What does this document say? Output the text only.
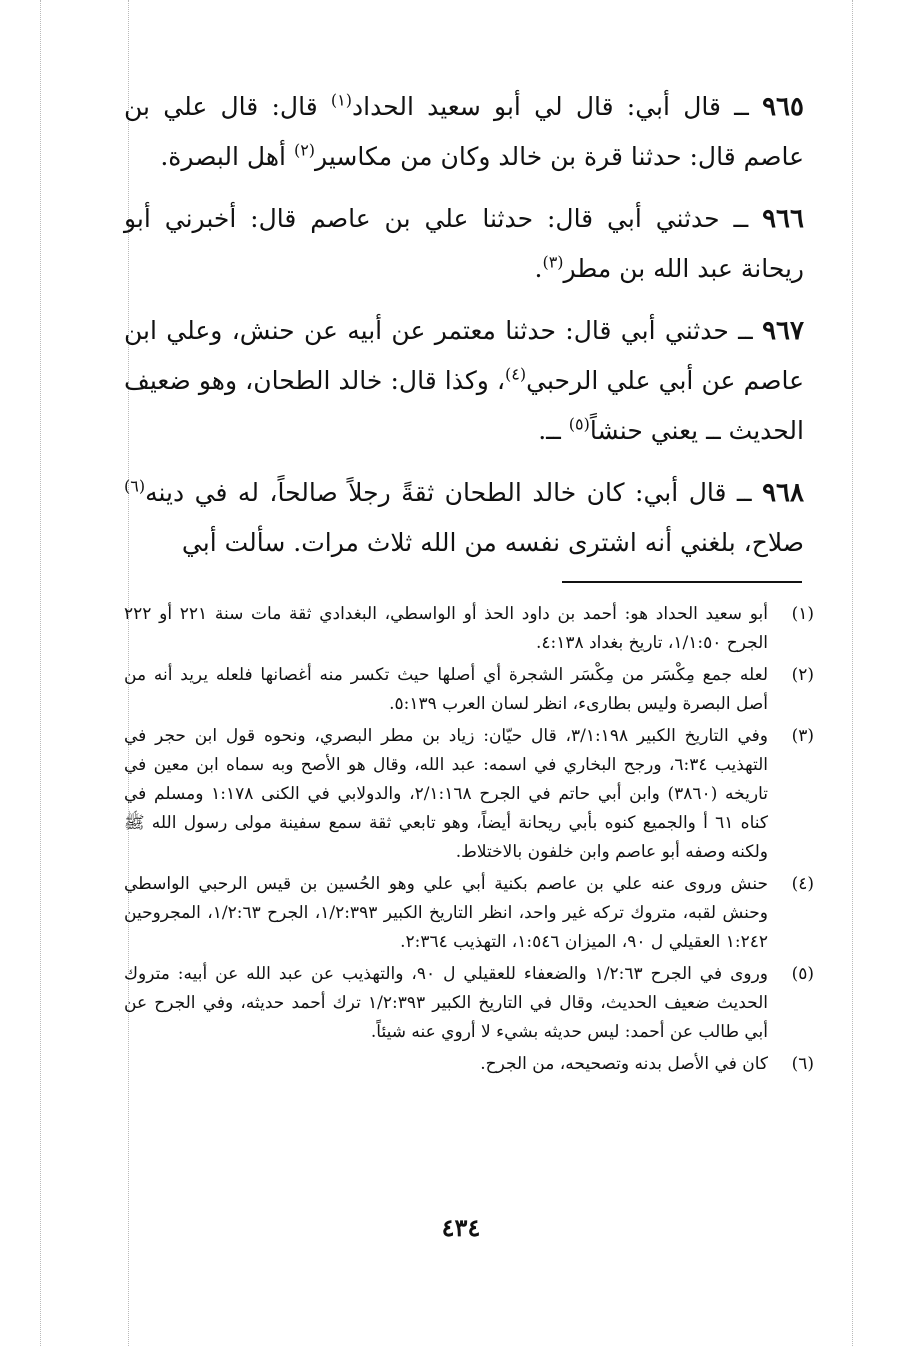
٩٦٥ ــ قال أبي: قال لي أبو سعيد الحداد$^{(١)}$ قال: قال علي بن عاصم قال: حدثنا قرة بن خالد وكان من مكاسير$^{(٢)}$ أهل البصرة.

٩٦٦ ــ حدثني أبي قال: حدثنا علي بن عاصم قال: أخبرني أبو ريحانة عبد الله بن مطر$^{(٣)}$.

٩٦٧ ــ حدثني أبي قال: حدثنا معتمر عن أبيه عن حنش، وعلي ابن عاصم عن أبي علي الرحبي$^{(٤)}$، وكذا قال: خالد الطحان، وهو ضعيف الحديث ــ يعني حنشاً$^{(٥)}$ ــ.

٩٦٨ ــ قال أبي: كان خالد الطحان ثقةً رجلاً صالحاً، له في دينه$^{(٦)}$ صلاح، بلغني أنه اشترى نفسه من الله ثلاث مرات. سألت أبي

(١)
أبو سعيد الحداد هو: أحمد بن داود الحذ أو الواسطي، البغدادي ثقة مات سنة ٢٢١ أو ٢٢٢ الجرح ١/١:٥٠، تاريخ بغداد ٤:١٣٨.
(٢)
لعله جمع مِكْسَر من مِكْسَر الشجرة أي أصلها حيث تكسر منه أغصانها فلعله يريد أنه من أصل البصرة وليس بطارىء، انظر لسان العرب ٥:١٣٩.
(٣)
وفي التاريخ الكبير ٣/١:١٩٨، قال حيّان: زياد بن مطر البصري، ونحوه قول ابن حجر في التهذيب ٦:٣٤، ورجح البخاري في اسمه: عبد الله، وقال هو الأصح وبه سماه ابن معين في تاريخه (٣٨٦٠) وابن أبي حاتم في الجرح ٢/١:١٦٨، والدولابي في الكنى ١:١٧٨ ومسلم في كناه ٦١ أ والجميع كنوه بأبي ريحانة أيضاً، وهو تابعي ثقة سمع سفينة مولى رسول الله ﷺ ولكنه وصفه أبو عاصم وابن خلفون بالاختلاط.
(٤)
حنش وروى عنه علي بن عاصم بكنية أبي علي وهو الحُسين بن قيس الرحبي الواسطي وحنش لقبه، متروك تركه غير واحد، انظر التاريخ الكبير ١/٢:٣٩٣، الجرح ١/٢:٦٣، المجروحين ١:٢٤٢ العقيلي ل ٩٠، الميزان ١:٥٤٦، التهذيب ٢:٣٦٤.
(٥)
وروى في الجرح ١/٢:٦٣ والضعفاء للعقيلي ل ٩٠، والتهذيب عن عبد الله عن أبيه: متروك الحديث ضعيف الحديث، وقال في التاريخ الكبير ١/٢:٣٩٣ ترك أحمد حديثه، وفي الجرح عن أبي طالب عن أحمد: ليس حديثه بشيء لا أروي عنه شيئاً.
(٦)
كان في الأصل بدنه وتصحيحه، من الجرح.
٤٣٤
